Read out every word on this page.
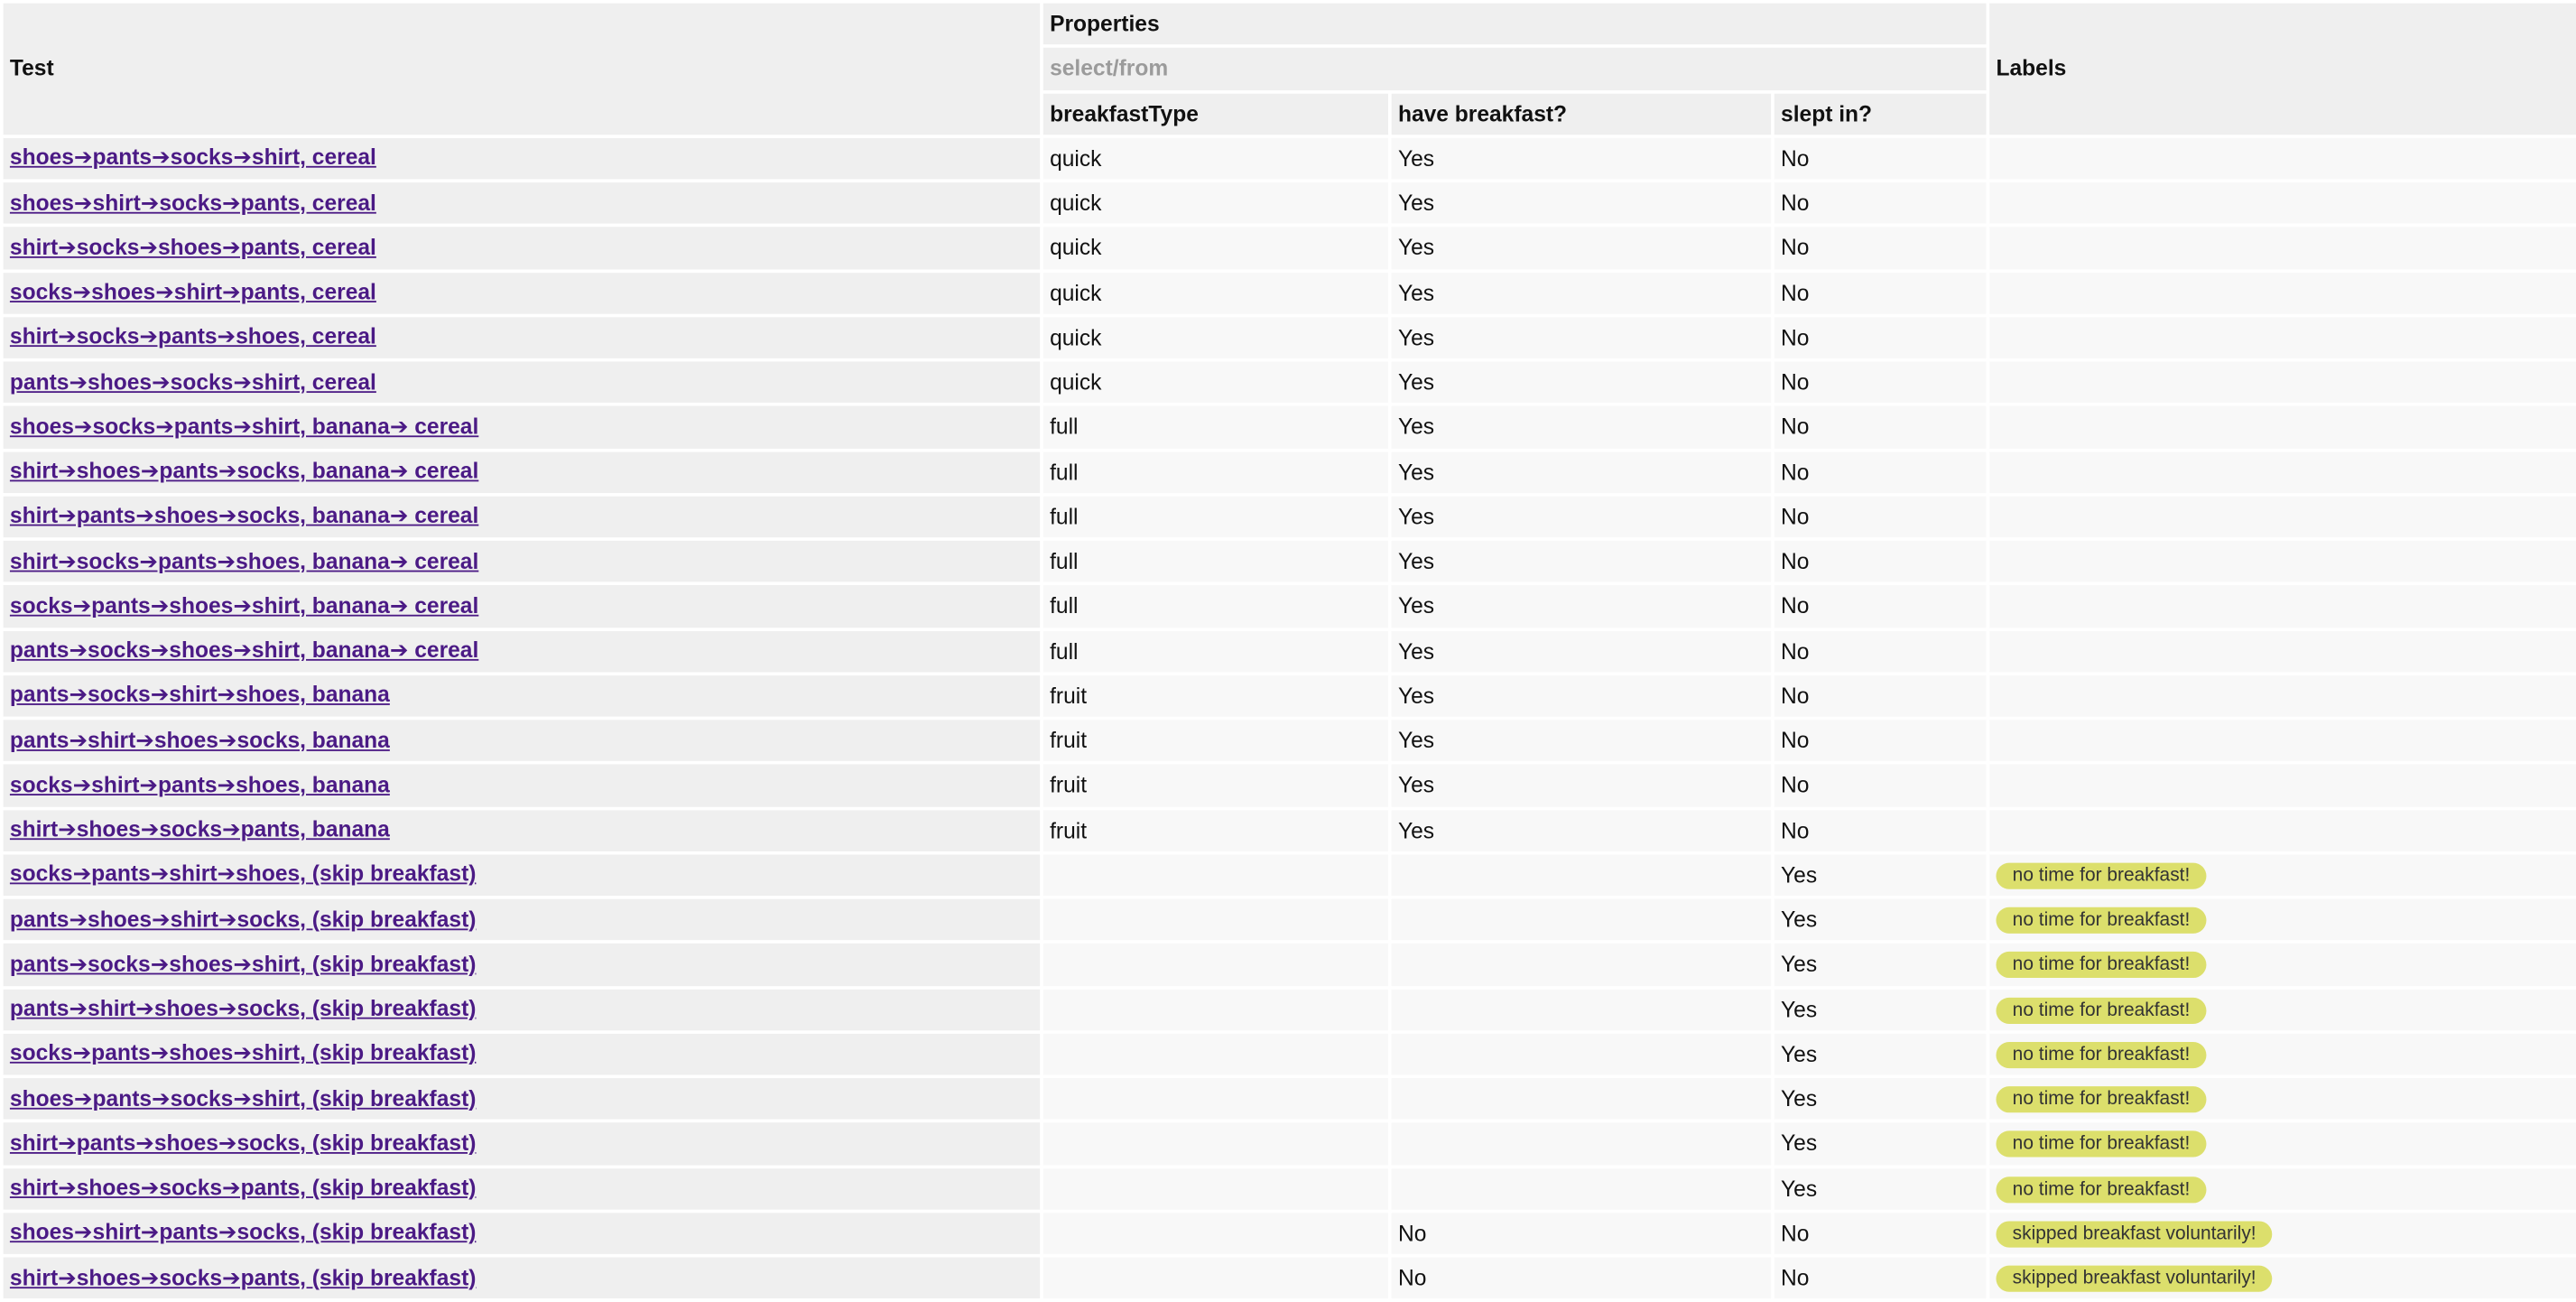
Test	Properties			Labels
	select/from			
	breakfastType	have breakfast?	slept in?	
shoes➔pants➔socks➔shirt, cereal	quick	Yes	No	
shoes➔shirt➔socks➔pants, cereal	quick	Yes	No	
shirt➔socks➔shoes➔pants, cereal	quick	Yes	No	
socks➔shoes➔shirt➔pants, cereal	quick	Yes	No	
shirt➔socks➔pants➔shoes, cereal	quick	Yes	No	
pants➔shoes➔socks➔shirt, cereal	quick	Yes	No	
shoes➔socks➔pants➔shirt, banana➔ cereal	full	Yes	No	
shirt➔shoes➔pants➔socks, banana➔ cereal	full	Yes	No	
shirt➔pants➔shoes➔socks, banana➔ cereal	full	Yes	No	
shirt➔socks➔pants➔shoes, banana➔ cereal	full	Yes	No	
socks➔pants➔shoes➔shirt, banana➔ cereal	full	Yes	No	
pants➔socks➔shoes➔shirt, banana➔ cereal	full	Yes	No	
pants➔socks➔shirt➔shoes, banana	fruit	Yes	No	
pants➔shirt➔shoes➔socks, banana	fruit	Yes	No	
socks➔shirt➔pants➔shoes, banana	fruit	Yes	No	
shirt➔shoes➔socks➔pants, banana	fruit	Yes	No	
socks➔pants➔shirt➔shoes, (skip breakfast)			Yes	no time for breakfast!
pants➔shoes➔shirt➔socks, (skip breakfast)			Yes	no time for breakfast!
pants➔socks➔shoes➔shirt, (skip breakfast)			Yes	no time for breakfast!
pants➔shirt➔shoes➔socks, (skip breakfast)			Yes	no time for breakfast!
socks➔pants➔shoes➔shirt, (skip breakfast)			Yes	no time for breakfast!
shoes➔pants➔socks➔shirt, (skip breakfast)			Yes	no time for breakfast!
shirt➔pants➔shoes➔socks, (skip breakfast)			Yes	no time for breakfast!
shirt➔shoes➔socks➔pants, (skip breakfast)			Yes	no time for breakfast!
shoes➔shirt➔pants➔socks, (skip breakfast)		No	No	skipped breakfast voluntarily!
shirt➔shoes➔socks➔pants, (skip breakfast)		No	No	skipped breakfast voluntarily!
